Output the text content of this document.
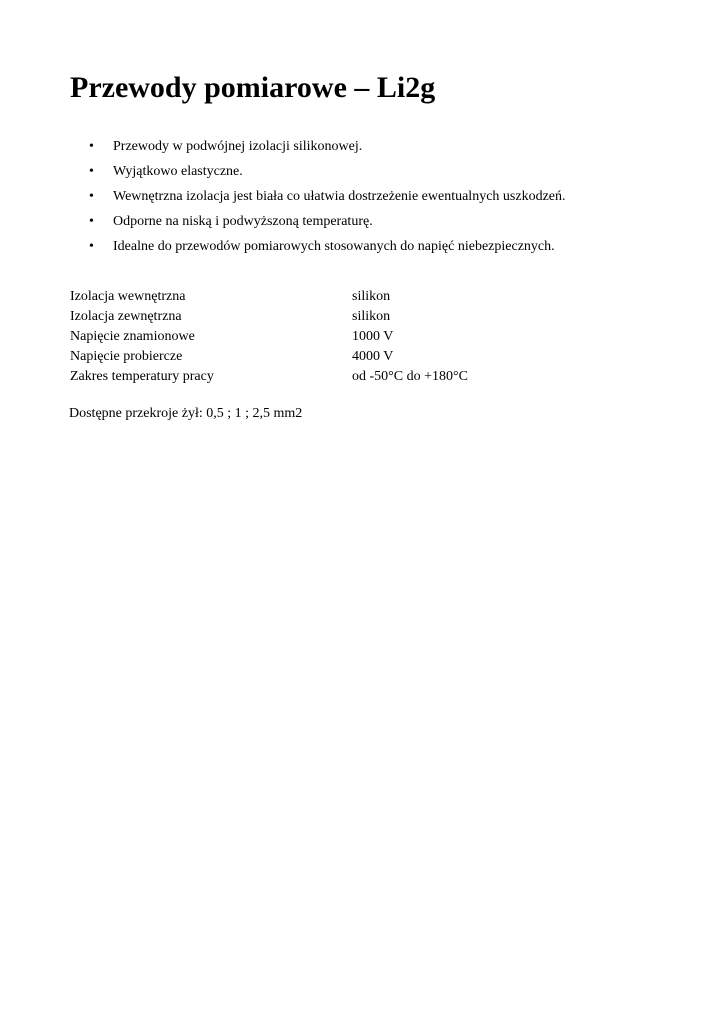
Przewody pomiarowe – Li2g
• Przewody w podwójnej izolacji silikonowej.
• Wyjątkowo elastyczne.
• Wewnętrzna izolacja jest biała co ułatwia dostrzeżenie ewentualnych uszkodzeń.
• Odporne na niską i podwyższoną temperaturę.
• Idealne do przewodów pomiarowych stosowanych do napięć niebezpiecznych.
Izolacja wewnętrzna	silikon
Izolacja zewnętrzna	silikon
Napięcie znamionowe	1000 V
Napięcie probiercze	4000 V
Zakres temperatury pracy	od -50°C do +180°C

Dostępne przekroje żył: 0,5 ; 1 ; 2,5 mm2
